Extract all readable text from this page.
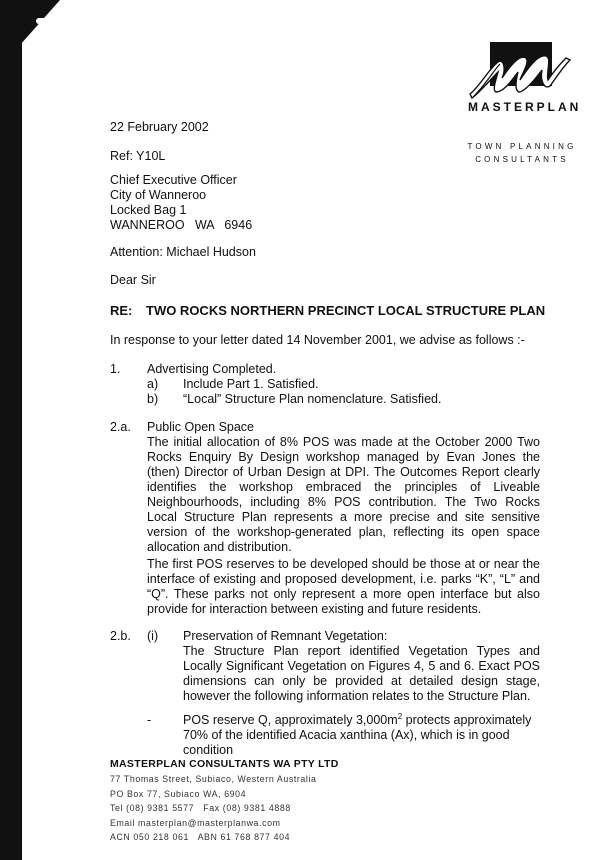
MASTERPLAN
TOWN PLANNING
CONSULTANTS
22 February 2002
Ref: Y10L
Chief Executive Officer
City of Wanneroo
Locked Bag 1
WANNEROO   WA   6946
Attention: Michael Hudson
Dear Sir
RE: TWO ROCKS NORTHERN PRECINCT LOCAL STRUCTURE PLAN
In response to your letter dated 14 November 2001, we advise as follows :-
1. Advertising Completed.
a) Include Part 1. Satisfied.
b) “Local” Structure Plan nomenclature. Satisfied.
2.a. Public Open Space
The initial allocation of 8% POS was made at the October 2000 Two Rocks Enquiry By Design workshop managed by Evan Jones the (then) Director of Urban Design at DPI. The Outcomes Report clearly identifies the workshop embraced the principles of Liveable Neighbourhoods, including 8% POS contribution. The Two Rocks Local Structure Plan represents a more precise and site sensitive version of the workshop-generated plan, reflecting its open space allocation and distribution.
The first POS reserves to be developed should be those at or near the interface of existing and proposed development, i.e. parks “K”, “L” and “Q”. These parks not only represent a more open interface but also provide for interaction between existing and future residents.
2.b. (i) Preservation of Remnant Vegetation:
The Structure Plan report identified Vegetation Types and Locally Significant Vegetation on Figures 4, 5 and 6. Exact POS dimensions can only be provided at detailed design stage, however the following information relates to the Structure Plan.
-	POS reserve Q, approximately $3,000m^2$ protects approximately
70% of the identified Acacia xanthina (Ax), which is in good
condition
MASTERPLAN CONSULTANTS WA PTY LTD
77 Thomas Street, Subiaco, Western Australia
PO Box 77, Subiaco WA, 6904
Tel (08) 9381 5577   Fax (08) 9381 4888
Email masterplan@masterplanwa.com
ACN 050 218 061   ABN 61 768 877 404
